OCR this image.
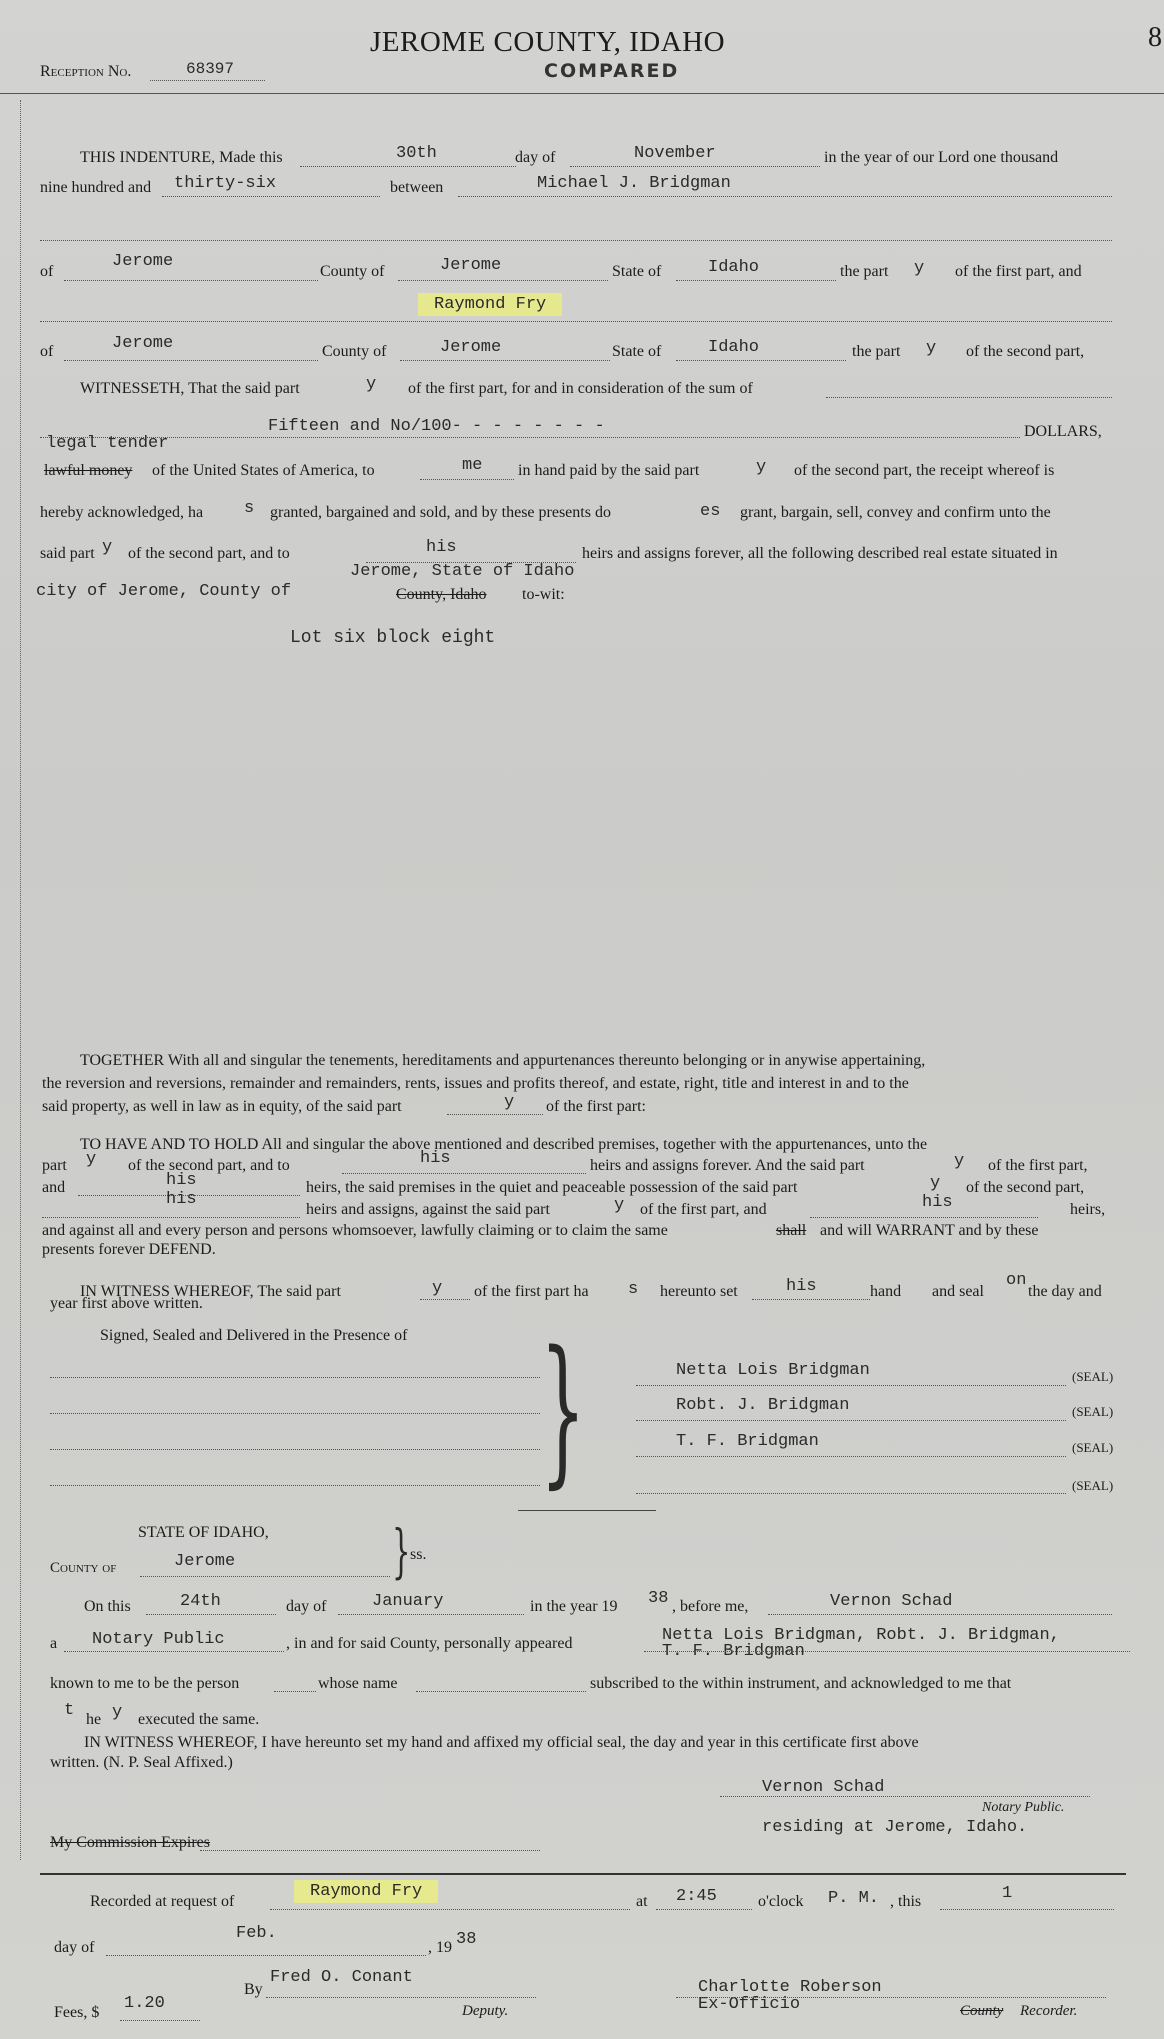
JEROME COUNTY, IDAHO
COMPARED
Reception No.	68397
8
THIS INDENTURE, Made this	30th	day of	November	in the year of our Lord one thousand
nine hundred and thirty-six	between	Michael J. Bridgman
of
Jerome
County of	Jerome	State of	Idaho	the part y of the first part, and
Raymond Fry
of	Jerome	County of	Jerome	State of	Idaho	the part y of the second part,
WITNESSETH, That the said part	y of the first part, for and in consideration of the sum of
Fifteen and No/100- - - - - - - -	DOLLARS,
legal tender
lawful money of the United States of America, to	me in hand paid by the said part	y of the second part, the receipt whereof is
hereby acknowledged, ha s granted, bargained and sold, and by these presents do	es grant, bargain, sell, convey and confirm unto the
said part y of the second part, and to	his	heirs and assigns forever, all the following described real estate situated in
Jerome, State of Idaho
city of Jerome, County of	County, Idaho to-wit:
Lot six block eight
TOGETHER With all and singular the tenements, hereditaments and appurtenances thereunto belonging or in anywise appertaining,
the reversion and reversions, remainder and remainders, rents, issues and profits thereof, and estate, right, title and interest in and to the
said property, as well in law as in equity, of the said part	y of the first part:
TO HAVE AND TO HOLD All and singular the above mentioned and described premises, together with the appurtenances, unto the
part y of the second part, and to	his	heirs and assigns forever. And the said part	y of the first part,
and	his	heirs, the said premises in the quiet and peaceable possession of the said part	y of the second part,
his
heirs and assigns, against the said part	y of the first part, and	his	heirs,
and against all and every person and persons whomsoever, lawfully claiming or to claim the same	shall and will WARRANT and by these
presents forever DEFEND.
IN WITNESS WHEREOF, The said part	y of the first part ha s hereunto set	his	hand and seal
on
the day and
year first above written.
Signed, Sealed and Delivered in the Presence of }	Netta Lois Bridgman	(SEAL)
Robt. J. Bridgman	(SEAL)
T. F. Bridgman	(SEAL)
(SEAL)
STATE OF IDAHO,
County of	Jerome	} ss.
On this	24th	day of	January	in the year 19 38 , before me,	Vernon Schad
a Notary Public	, in and for said County, personally appeared	Netta Lois Bridgman, Robt. J. Bridgman,
T. F. Bridgman
known to me to be the person	whose name	subscribed to the within instrument, and acknowledged to me that
t he y executed the same.
IN WITNESS WHEREOF, I have hereunto set my hand and affixed my official seal, the day and year in this certificate first above
written. (N. P. Seal Affixed.)
Vernon Schad
Notary Public.
residing at Jerome, Idaho.
My Commission Expires
Recorded at request of
Raymond Fry
at 2:45	o'clock P. M. , this	1
day of
Feb.
, 19 38
Fees, $ 1.20
By
Fred O. Conant
Deputy.
Charlotte Roberson
Ex-Officio	County Recorder.
